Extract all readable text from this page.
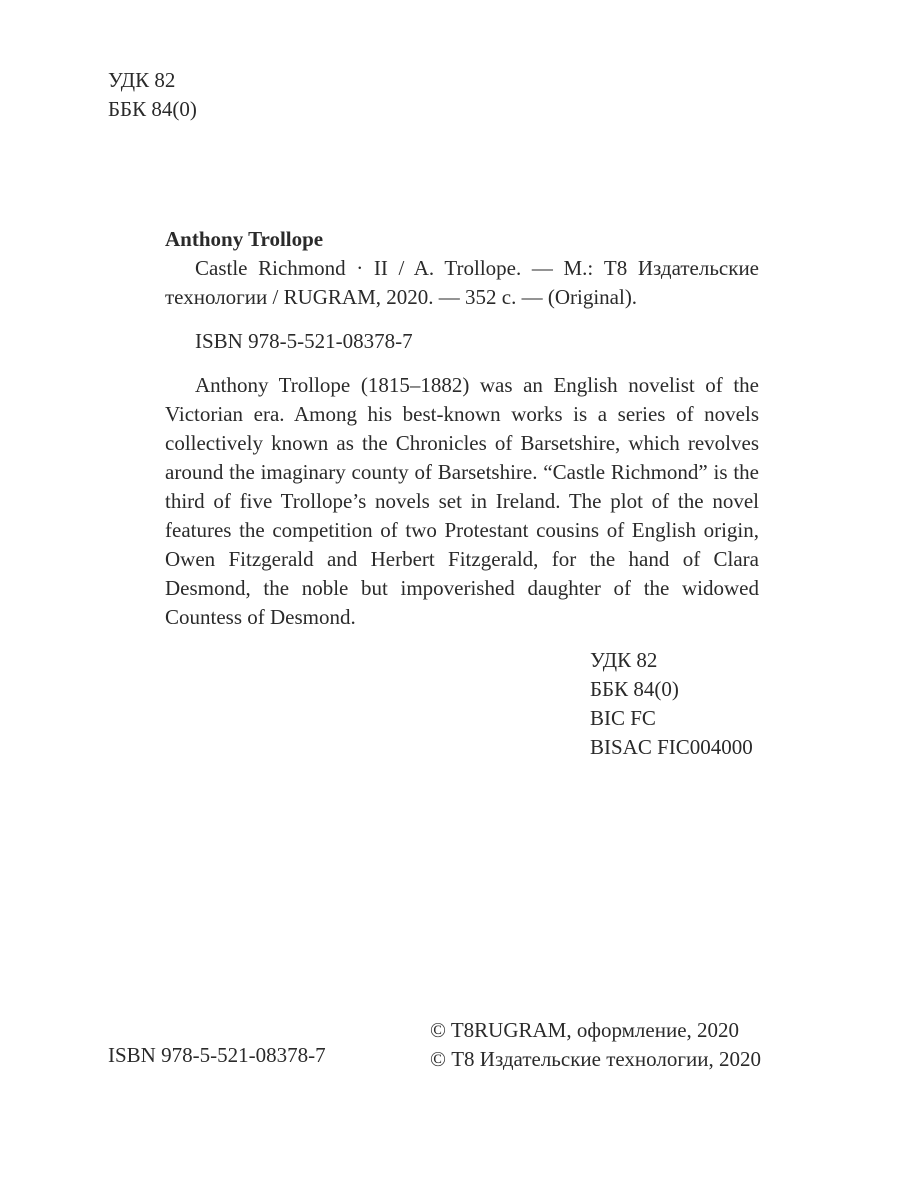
УДК 82
ББК 84(0)
Anthony Trollope
Castle Richmond · II / A. Trollope. — М.: Т8 Издательские технологии / RUGRAM, 2020. — 352 с. — (Original).
ISBN 978-5-521-08378-7
Anthony Trollope (1815–1882) was an English novelist of the Victorian era. Among his best-known works is a series of novels collectively known as the Chronicles of Barsetshire, which revolves around the imaginary county of Barsetshire. “Castle Richmond” is the third of five Trollope’s novels set in Ireland. The plot of the novel features the competition of two Protestant cousins of English origin, Owen Fitzgerald and Herbert Fitzgerald, for the hand of Clara Desmond, the noble but impoverished daughter of the widowed Countess of Desmond.
УДК 82
ББК 84(0)
BIC FC
BISAC FIC004000
ISBN 978-5-521-08378-7
© T8RUGRAM, оформление, 2020
© Т8 Издательские технологии, 2020
